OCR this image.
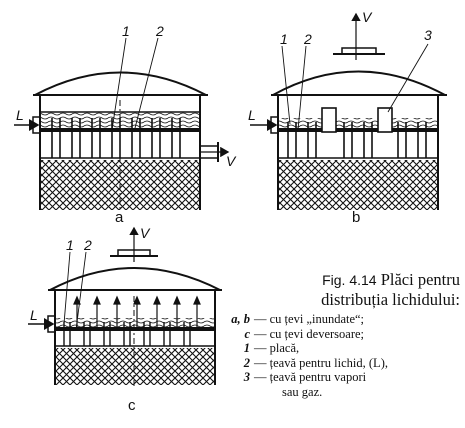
L
V
1 2
a
L
V
1 2	3
b
L
V
1 2
c
Fig. 4.14 Plăci pentru
distribuția lichidului:
a, b — cu țevi „inundate“;
c — cu țevi deversoare;
1 — placă,
2 — țeavă pentru lichid, (L),
3 — țeavă pentru vapori
sau gaz.
